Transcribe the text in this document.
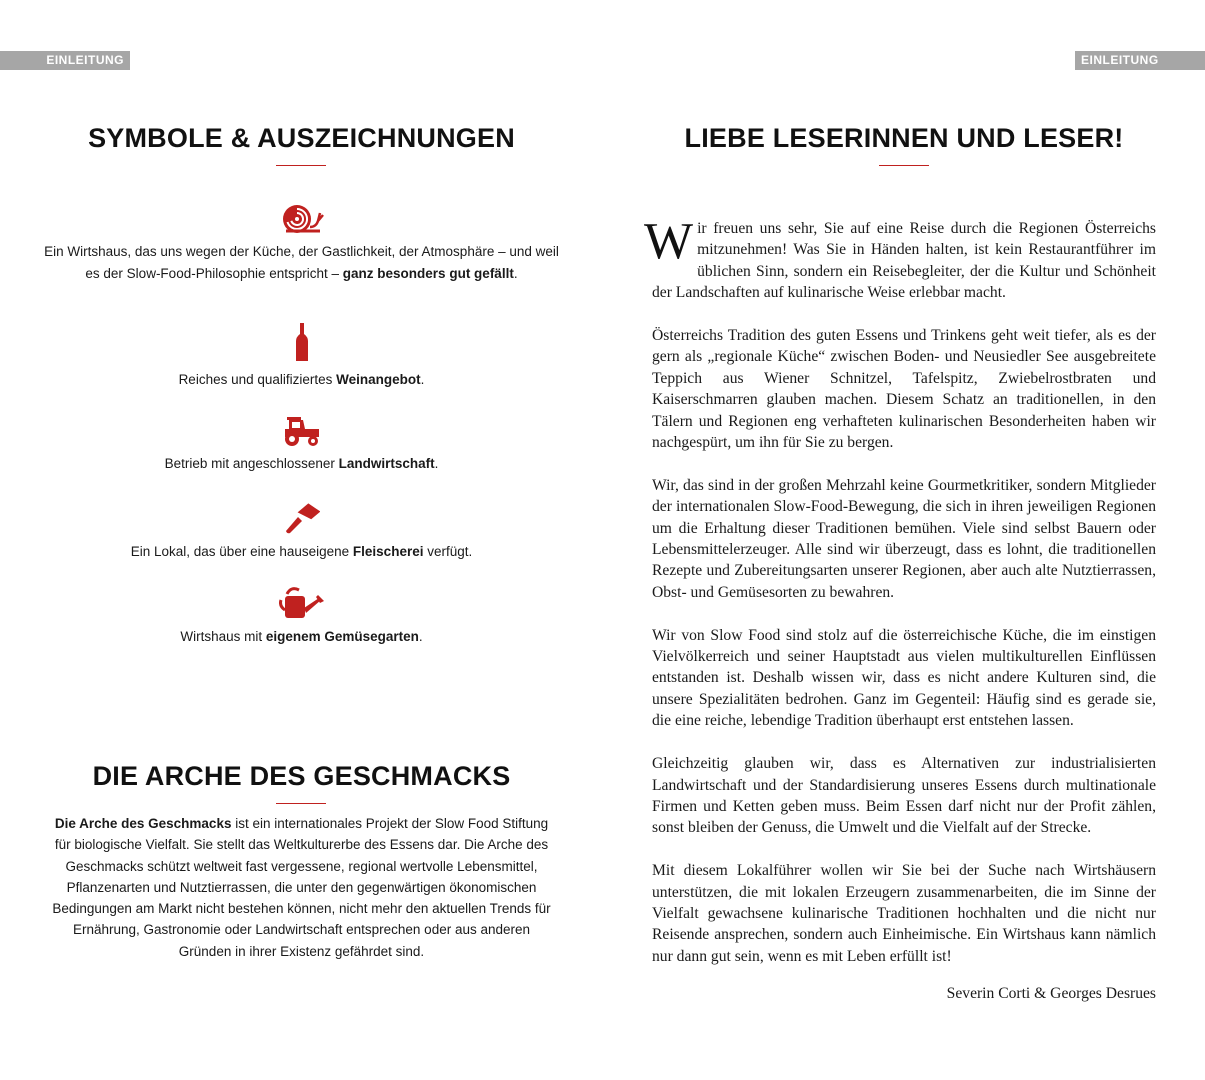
EINLEITUNG	EINLEITUNG
SYMBOLE & AUSZEICHNUNGEN

Ein Wirtshaus, das uns wegen der Küche, der Gastlichkeit, der Atmosphäre – und weil es der Slow-Food-Philosophie entspricht – ganz besonders gut gefällt.

Reiches und qualifiziertes Weinangebot.

Betrieb mit angeschlossener Landwirtschaft.

Ein Lokal, das über eine hauseigene Fleischerei verfügt.

Wirtshaus mit eigenem Gemüsegarten.

DIE ARCHE DES GESCHMACKS

Die Arche des Geschmacks ist ein internationales Projekt der Slow Food Stiftung für biologische Vielfalt. Sie stellt das Weltkulturerbe des Essens dar. Die Arche des Geschmacks schützt weltweit fast vergessene, regional wertvolle Lebensmittel, Pflanzenarten und Nutztierrassen, die unter den gegenwärtigen ökonomischen Bedingungen am Markt nicht bestehen können, nicht mehr den aktuellen Trends für Ernährung, Gastronomie oder Landwirtschaft entsprechen oder aus anderen Gründen in ihrer Existenz gefährdet sind.

LIEBE LESERINNEN UND LESER!

Wir freuen uns sehr, Sie auf eine Reise durch die Regionen Österreichs mitzunehmen! Was Sie in Händen halten, ist kein Restaurantführer im üblichen Sinn, sondern ein Reisebegleiter, der die Kultur und Schönheit der Landschaften auf kulinarische Weise erlebbar macht.

Österreichs Tradition des guten Essens und Trinkens geht weit tiefer, als es der gern als „regionale Küche“ zwischen Boden- und Neusiedler See ausgebreitete Teppich aus Wiener Schnitzel, Tafelspitz, Zwiebelrostbraten und Kaiserschmarren glauben machen. Diesem Schatz an traditionellen, in den Tälern und Regionen eng verhafteten kulinarischen Besonderheiten haben wir nachgespürt, um ihn für Sie zu bergen.

Wir, das sind in der großen Mehrzahl keine Gourmetkritiker, sondern Mitglieder der internationalen Slow-Food-Bewegung, die sich in ihren jeweiligen Regionen um die Erhaltung dieser Traditionen bemühen. Viele sind selbst Bauern oder Lebensmittelerzeuger. Alle sind wir überzeugt, dass es lohnt, die traditionellen Rezepte und Zubereitungsarten unserer Regionen, aber auch alte Nutztierrassen, Obst- und Gemüsesorten zu bewahren.

Wir von Slow Food sind stolz auf die österreichische Küche, die im einstigen Vielvölkerreich und seiner Hauptstadt aus vielen multikulturellen Einflüssen entstanden ist. Deshalb wissen wir, dass es nicht andere Kulturen sind, die unsere Spezialitäten bedrohen. Ganz im Gegenteil: Häufig sind es gerade sie, die eine reiche, lebendige Tradition überhaupt erst entstehen lassen.

Gleichzeitig glauben wir, dass es Alternativen zur industrialisierten Landwirtschaft und der Standardisierung unseres Essens durch multinationale Firmen und Ketten geben muss. Beim Essen darf nicht nur der Profit zählen, sonst bleiben der Genuss, die Umwelt und die Vielfalt auf der Strecke.

Mit diesem Lokalführer wollen wir Sie bei der Suche nach Wirtshäusern unterstützen, die mit lokalen Erzeugern zusammenarbeiten, die im Sinne der Vielfalt gewachsene kulinarische Traditionen hochhalten und die nicht nur Reisende ansprechen, sondern auch Einheimische. Ein Wirtshaus kann nämlich nur dann gut sein, wenn es mit Leben erfüllt ist!

Severin Corti & Georges Desrues
